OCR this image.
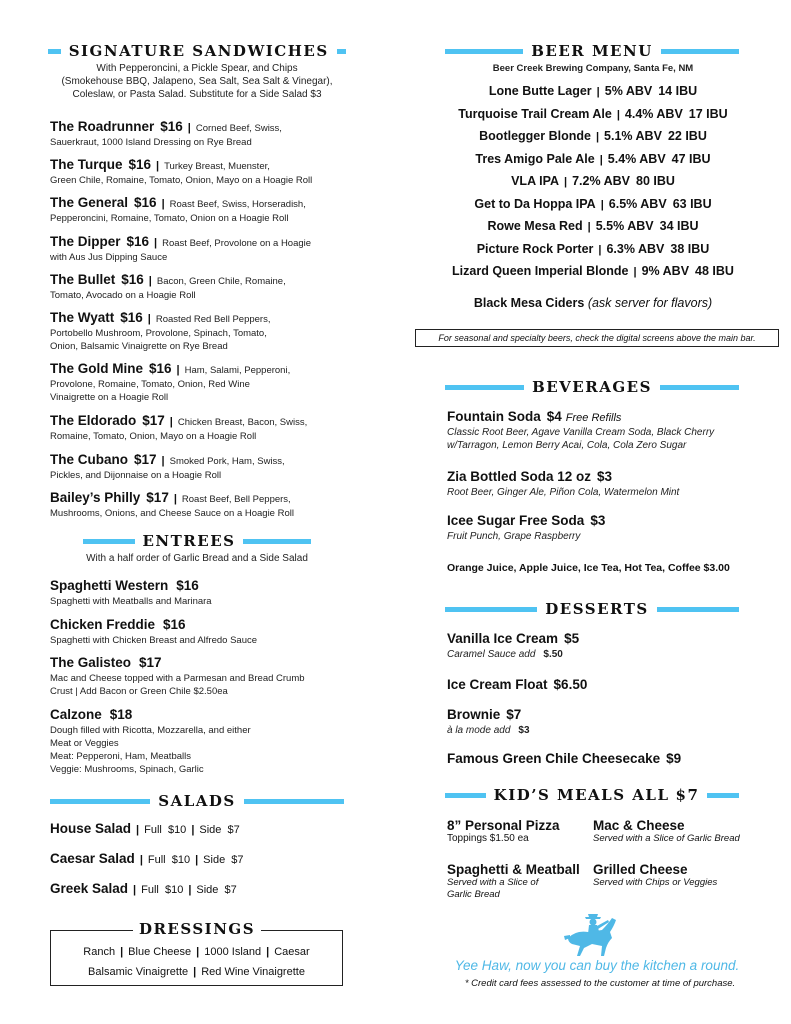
SIGNATURE SANDWICHES
With Pepperoncini, a Pickle Spear, and Chips
(Smokehouse BBQ, Jalapeno, Sea Salt, Sea Salt & Vinegar),
Coleslaw, or Pasta Salad. Substitute for a Side Salad $3
The Roadrunner $16 | Corned Beef, Swiss,
Sauerkraut, 1000 Island Dressing on Rye Bread
The Turque $16 | Turkey Breast, Muenster,
Green Chile, Romaine, Tomato, Onion, Mayo on a Hoagie Roll
The General $16 | Roast Beef, Swiss, Horseradish,
Pepperoncini, Romaine, Tomato, Onion on a Hoagie Roll
The Dipper $16 | Roast Beef, Provolone on a Hoagie
with Aus Jus Dipping Sauce
The Bullet $16 | Bacon, Green Chile, Romaine,
Tomato, Avocado on a Hoagie Roll
The Wyatt $16 | Roasted Red Bell Peppers,
Portobello Mushroom, Provolone, Spinach, Tomato,
Onion, Balsamic Vinaigrette on Rye Bread
The Gold Mine $16 | Ham, Salami, Pepperoni,
Provolone, Romaine, Tomato, Onion, Red Wine
Vinaigrette on a Hoagie Roll
The Eldorado $17 | Chicken Breast, Bacon, Swiss,
Romaine, Tomato, Onion, Mayo on a Hoagie Roll
The Cubano $17 | Smoked Pork, Ham, Swiss,
Pickles, and Dijonnaise on a Hoagie Roll
Bailey’s Philly $17 | Roast Beef, Bell Peppers,
Mushrooms, Onions, and Cheese Sauce on a Hoagie Roll
ENTREES
With a half order of Garlic Bread and a Side Salad
Spaghetti Western $16
Spaghetti with Meatballs and Marinara
Chicken Freddie $16
Spaghetti with Chicken Breast and Alfredo Sauce
The Galisteo $17
Mac and Cheese topped with a Parmesan and Bread Crumb
Crust | Add Bacon or Green Chile $2.50ea
Calzone $18
Dough filled with Ricotta, Mozzarella, and either
Meat or Veggies
Meat: Pepperoni, Ham, Meatballs
Veggie: Mushrooms, Spinach, Garlic
SALADS
House Salad | Full  $10 | Side  $7
Caesar Salad | Full  $10 | Side  $7
Greek Salad | Full  $10 | Side  $7
DRESSINGS
Ranch | Blue Cheese | 1000 Island | Caesar
Balsamic Vinaigrette | Red Wine Vinaigrette
BEER MENU
Beer Creek Brewing Company, Santa Fe, NM
Lone Butte Lager | 5% ABV 14 IBU
Turquoise Trail Cream Ale | 4.4% ABV 17 IBU
Bootlegger Blonde | 5.1% ABV 22 IBU
Tres Amigo Pale Ale | 5.4% ABV 47 IBU
VLA IPA | 7.2% ABV 80 IBU
Get to Da Hoppa IPA | 6.5% ABV 63 IBU
Rowe Mesa Red | 5.5% ABV 34 IBU
Picture Rock Porter | 6.3% ABV 38 IBU
Lizard Queen Imperial Blonde | 9% ABV 48 IBU
Black Mesa Ciders (ask server for flavors)
For seasonal and specialty beers, check the digital screens above the main bar.
BEVERAGES
Fountain Soda $4 Free Refills
Classic Root Beer, Agave Vanilla Cream Soda, Black Cherry
w/Tarragon, Lemon Berry Acai, Cola, Cola Zero Sugar
Zia Bottled Soda 12 oz $3
Root Beer, Ginger Ale, Piñon Cola, Watermelon Mint
Icee Sugar Free Soda $3
Fruit Punch, Grape Raspberry
Orange Juice, Apple Juice, Ice Tea, Hot Tea, Coffee $3.00
DESSERTS
Vanilla Ice Cream $5
Caramel Sauce add $.50
Ice Cream Float $6.50
Brownie $7
à la mode add $3
Famous Green Chile Cheesecake $9
KID’S MEALS ALL $7
8” Personal Pizza
Toppings $1.50 ea
Mac & Cheese
Served with a Slice of Garlic Bread
Spaghetti & Meatball
Served with a Slice of
Garlic Bread
Grilled Cheese
Served with Chips or Veggies
Yee Haw, now you can buy the kitchen a round.
* Credit card fees assessed to the customer at time of purchase.
